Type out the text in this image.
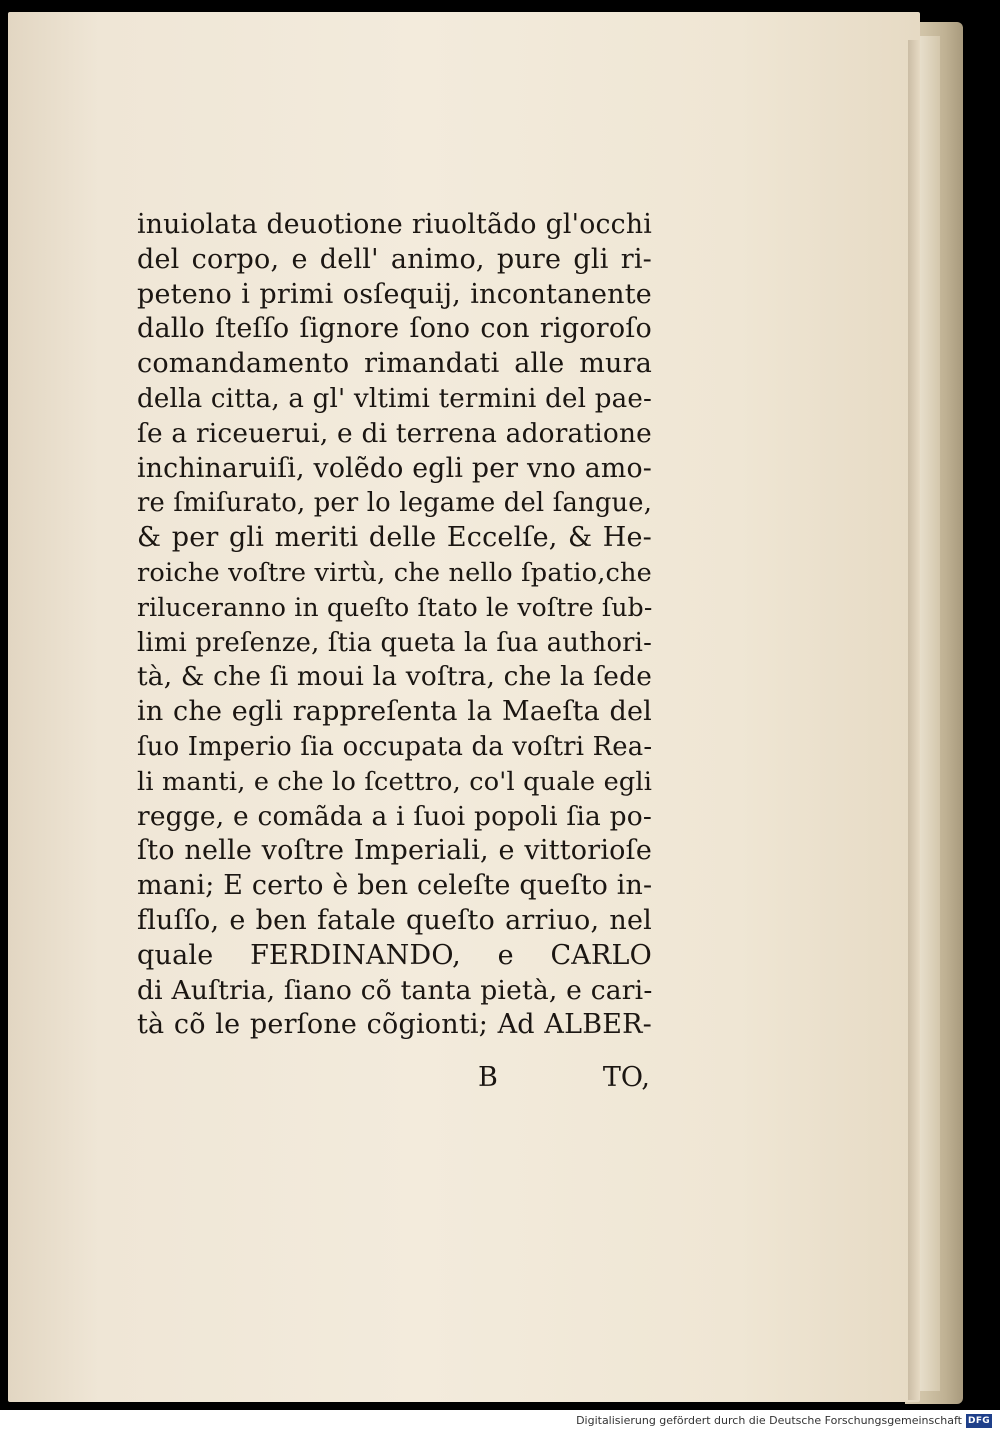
inuiolata deuotione riuoltãdo gl'occhi
del corpo, e dell' animo, pure gli ri-
peteno i primi osſequij, incontanente
dallo ſteſſo ſignore ſono con rigoroſo
comandamento rimandati alle mura
della citta, a gl' vltimi termini del pae-
ſe a riceuerui, e di terrena adoratione
inchinaruiſi, volẽdo egli per vno amo-
re ſmiſurato, per lo legame del ſangue,
& per gli meriti delle Eccelſe, & He-
roiche voſtre virtù, che nello ſpatio,che
riluceranno in queſto ſtato le voſtre ſub-
limi preſenze, ſtia queta la ſua authori-
tà, & che ſi moui la voſtra, che la ſede
in che egli rappreſenta la Maeſta del
ſuo Imperio ſia occupata da voſtri Rea-
li manti, e che lo ſcettro, co'l quale egli
regge, e comãda a i ſuoi popoli ſia po-
ſto nelle voſtre Imperiali, e vittorioſe
mani; E certo è ben celeſte queſto in-
fluſſo, e ben fatale queſto arriuo, nel
quale FERDINANDO, e CARLO
di Auſtria, ſiano cõ tanta pietà, e cari-
tà cõ le perſone cõgionti; Ad ALBER-
B	TO,
Digitalisierung gefördert durch die Deutsche Forschungsgemeinschaft DFG
